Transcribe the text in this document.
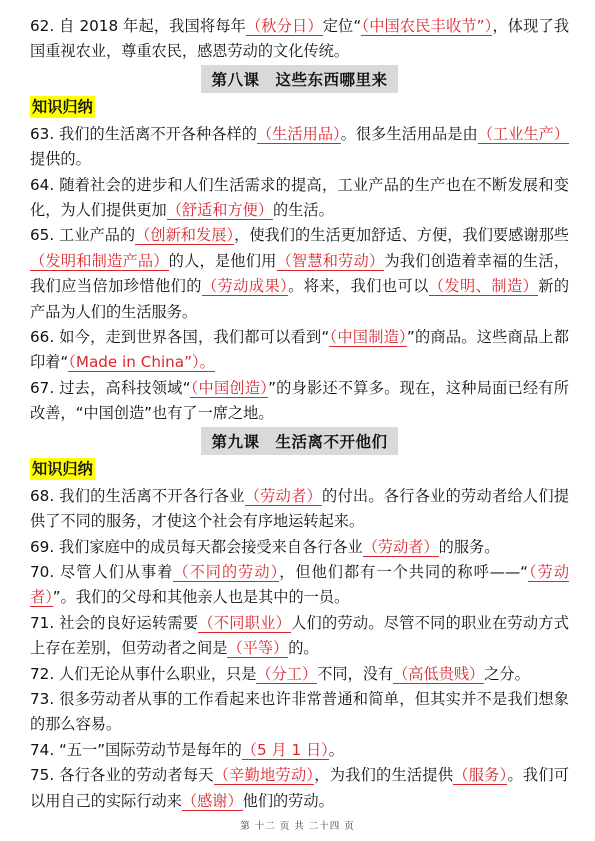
62. 自 2018 年起，我国将每年（秋分日）定位“（中国农民丰收节”），体现了我国重视农业，尊重农民，感恩劳动的文化传统。

第八课　这些东西哪里来
知识归纳

63. 我们的生活离不开各种各样的（生活用品）。很多生活用品是由（工业生产）提供的。

64. 随着社会的进步和人们生活需求的提高，工业产品的生产也在不断发展和变化，为人们提供更加（舒适和方便）的生活。

65. 工业产品的（创新和发展），使我们的生活更加舒适、方便，我们要感谢那些（发明和制造产品）的人，是他们用（智慧和劳动）为我们创造着幸福的生活，我们应当倍加珍惜他们的（劳动成果）。将来，我们也可以（发明、制造）新的产品为人们的生活服务。

66. 如今，走到世界各国，我们都可以看到“（中国制造）”的商品。这些商品上都印着“（Made in China”）。

67. 过去，高科技领域“（中国创造）”的身影还不算多。现在，这种局面已经有所改善，“中国创造”也有了一席之地。

第九课　生活离不开他们
知识归纳

68. 我们的生活离不开各行各业（劳动者）的付出。各行各业的劳动者给人们提供了不同的服务，才使这个社会有序地运转起来。

69. 我们家庭中的成员每天都会接受来自各行各业（劳动者）的服务。

70. 尽管人们从事着（不同的劳动），但他们都有一个共同的称呼——“（劳动者）”。我们的父母和其他亲人也是其中的一员。

71. 社会的良好运转需要（不同职业）人们的劳动。尽管不同的职业在劳动方式上存在差别，但劳动者之间是（平等）的。

72. 人们无论从事什么职业，只是（分工）不同，没有（高低贵贱）之分。

73. 很多劳动者从事的工作看起来也许非常普通和简单，但其实并不是我们想象的那么容易。

74. “五一”国际劳动节是每年的（5 月 1 日）。

75. 各行各业的劳动者每天（辛勤地劳动），为我们的生活提供（服务）。我们可以用自己的实际行动来（感谢）他们的劳动。

第 十二 页 共 二十四 页
